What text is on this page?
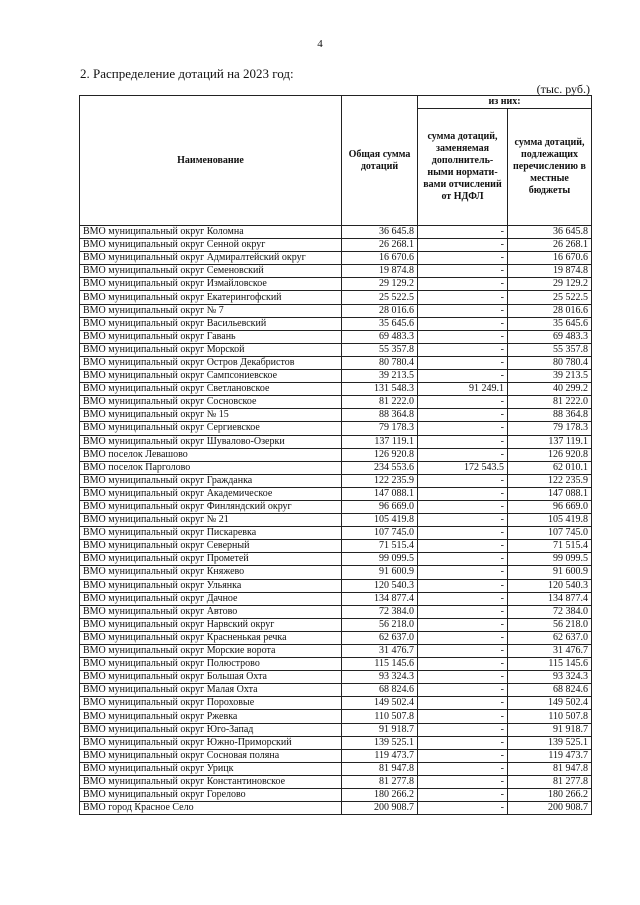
4
2. Распределение дотаций на 2023 год:
(тыс. руб.)
Наименование	Общая сумма дотаций	из них:	
		сумма дотаций, заменяемая дополнитель-ными нормати-вами отчислений от НДФЛ	сумма дотаций, подлежащих перечислению в местные бюджеты
ВМО муниципальный округ Коломна	36 645.8	-	36 645.8
ВМО муниципальный округ Сенной округ	26 268.1	-	26 268.1
ВМО муниципальный округ Адмиралтейский округ	16 670.6	-	16 670.6
ВМО муниципальный округ Семеновский	19 874.8	-	19 874.8
ВМО муниципальный округ Измайловское	29 129.2	-	29 129.2
ВМО муниципальный округ Екатерингофский	25 522.5	-	25 522.5
ВМО муниципальный округ № 7	28 016.6	-	28 016.6
ВМО муниципальный округ Васильевский	35 645.6	-	35 645.6
ВМО муниципальный округ Гавань	69 483.3	-	69 483.3
ВМО муниципальный округ Морской	55 357.8	-	55 357.8
ВМО муниципальный округ Остров Декабристов	80 780.4	-	80 780.4
ВМО муниципальный округ Сампсониевское	39 213.5	-	39 213.5
ВМО муниципальный округ Светлановское	131 548.3	91 249.1	40 299.2
ВМО муниципальный округ Сосновское	81 222.0	-	81 222.0
ВМО муниципальный округ № 15	88 364.8	-	88 364.8
ВМО муниципальный округ Сергиевское	79 178.3	-	79 178.3
ВМО муниципальный округ Шувалово-Озерки	137 119.1	-	137 119.1
ВМО поселок Левашово	126 920.8	-	126 920.8
ВМО поселок Парголово	234 553.6	172 543.5	62 010.1
ВМО муниципальный округ Гражданка	122 235.9	-	122 235.9
ВМО муниципальный округ Академическое	147 088.1	-	147 088.1
ВМО муниципальный округ Финляндский округ	96 669.0	-	96 669.0
ВМО муниципальный округ № 21	105 419.8	-	105 419.8
ВМО муниципальный округ Пискаревка	107 745.0	-	107 745.0
ВМО муниципальный округ Северный	71 515.4	-	71 515.4
ВМО муниципальный округ Прометей	99 099.5	-	99 099.5
ВМО муниципальный округ Княжево	91 600.9	-	91 600.9
ВМО муниципальный округ Ульянка	120 540.3	-	120 540.3
ВМО муниципальный округ Дачное	134 877.4	-	134 877.4
ВМО муниципальный округ Автово	72 384.0	-	72 384.0
ВМО муниципальный округ Нарвский округ	56 218.0	-	56 218.0
ВМО муниципальный округ Красненькая речка	62 637.0	-	62 637.0
ВМО муниципальный округ Морские ворота	31 476.7	-	31 476.7
ВМО муниципальный округ Полюстрово	115 145.6	-	115 145.6
ВМО муниципальный округ Большая Охта	93 324.3	-	93 324.3
ВМО муниципальный округ Малая Охта	68 824.6	-	68 824.6
ВМО муниципальный округ Пороховые	149 502.4	-	149 502.4
ВМО муниципальный округ Ржевка	110 507.8	-	110 507.8
ВМО муниципальный округ Юго-Запад	91 918.7	-	91 918.7
ВМО муниципальный округ Южно-Приморский	139 525.1	-	139 525.1
ВМО муниципальный округ Сосновая поляна	119 473.7	-	119 473.7
ВМО муниципальный округ Урицк	81 947.8	-	81 947.8
ВМО муниципальный округ Константиновское	81 277.8	-	81 277.8
ВМО муниципальный округ Горелово	180 266.2	-	180 266.2
ВМО город Красное Село	200 908.7	-	200 908.7
